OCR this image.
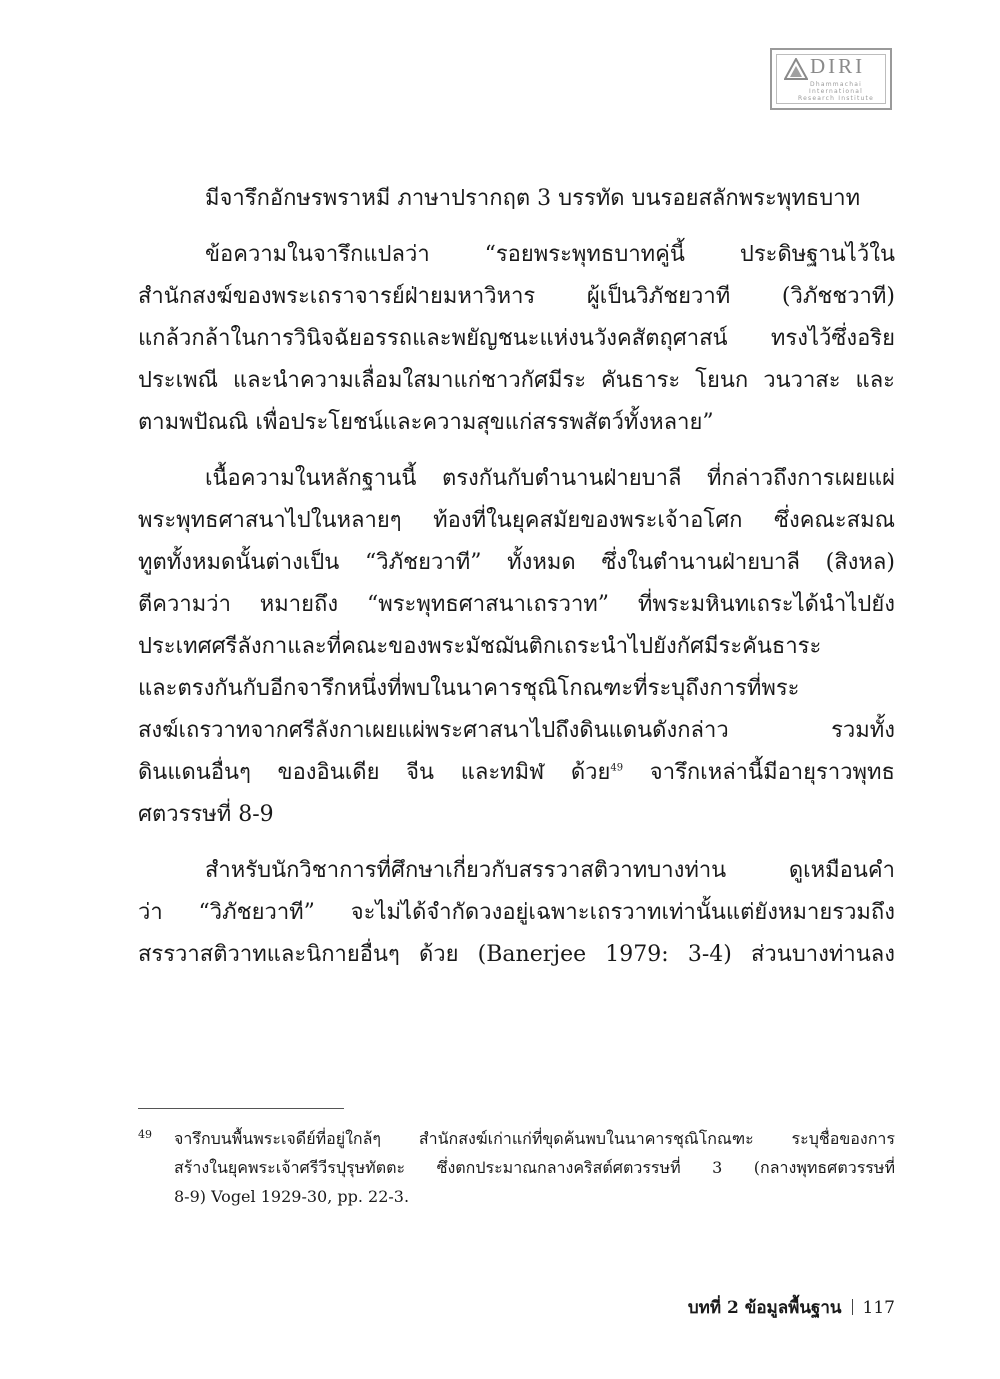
DIRI
Dhammachai International
Research Institute

มีจารึกอักษรพราหมี ภาษาปรากฤต 3 บรรทัด บนรอยสลักพระพุทธบาท

ข้อความในจารึกแปลว่า “รอยพระพุทธบาทคู่นี้ ประดิษฐานไว้ใน
สำนักสงฆ์ของพระเถราจารย์ฝ่ายมหาวิหาร ผู้เป็นวิภัชยวาที (วิภัชชวาที)
แกล้วกล้าในการวินิจฉัยอรรถและพยัญชนะแห่งนวังคสัตถุศาสน์ ทรงไว้ซึ่งอริย
ประเพณี และนำความเลื่อมใสมาแก่ชาวกัศมีระ คันธาระ โยนก วนวาสะ และ
ตามพปัณณิ เพื่อประโยชน์และความสุขแก่สรรพสัตว์ทั้งหลาย”

เนื้อความในหลักฐานนี้ ตรงกันกับตำนานฝ่ายบาลี ที่กล่าวถึงการเผยแผ่
พระพุทธศาสนาไปในหลายๆ ท้องที่ในยุคสมัยของพระเจ้าอโศก ซึ่งคณะสมณ
ทูตทั้งหมดนั้นต่างเป็น “วิภัชยวาที” ทั้งหมด ซึ่งในตำนานฝ่ายบาลี (สิงหล)
ตีความว่า หมายถึง “พระพุทธศาสนาเถรวาท” ที่พระมหินทเถระได้นำไปยัง
ประเทศศรีลังกาและที่คณะของพระมัชฌันติกเถระนำไปยังกัศมีระคันธาระ
และตรงกันกับอีกจารึกหนึ่งที่พบในนาคารชุณิโกณฑะที่ระบุถึงการที่พระ
สงฆ์เถรวาทจากศรีลังกาเผยแผ่พระศาสนาไปถึงดินแดนดังกล่าว รวมทั้ง
ดินแดนอื่นๆ ของอินเดีย จีน และทมิฬ ด้วย$^{49}$ จารึกเหล่านี้มีอายุราวพุทธ
ศตวรรษที่ 8-9

สำหรับนักวิชาการที่ศึกษาเกี่ยวกับสรรวาสติวาทบางท่าน ดูเหมือนคำ
ว่า “วิภัชยวาที” จะไม่ได้จำกัดวงอยู่เฉพาะเถรวาทเท่านั้นแต่ยังหมายรวมถึง
สรรวาสติวาทและนิกายอื่นๆ ด้วย (Banerjee 1979: 3-4) ส่วนบางท่านลง

49 จารึกบนพื้นพระเจดีย์ที่อยู่ใกล้ๆ สำนักสงฆ์เก่าแก่ที่ขุดค้นพบในนาคารชุณิโกณฑะ ระบุชื่อของการ
สร้างในยุคพระเจ้าศรีวีรปุรุษทัตตะ ซึ่งตกประมาณกลางคริสต์ศตวรรษที่ 3 (กลางพุทธศตวรรษที่
8-9) Vogel 1929-30, pp. 22-3.
บทที่ 2 ข้อมูลพื้นฐาน 117
